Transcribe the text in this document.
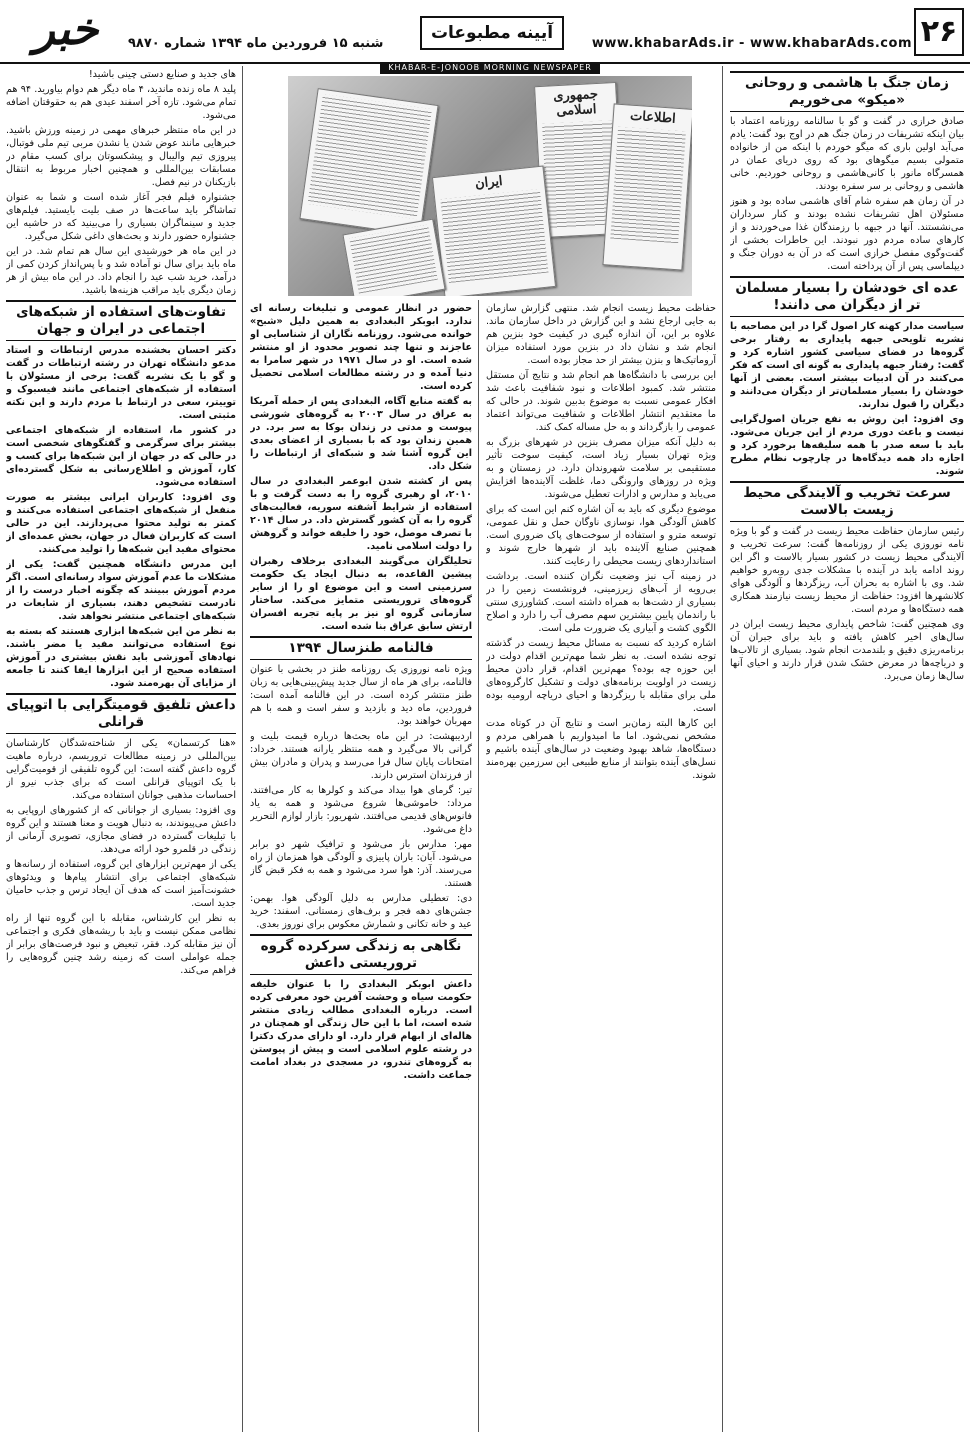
۲۶
www.khabarAds.ir - www.khabarAds.com
آیینه مطبوعات
خبر	شنبه ۱۵ فروردین ماه ۱۳۹۴ شماره ۹۸۷۰
KHABAR-E-JONOOB MORNING NEWSPAPER
جمهوری اسلامی	اطلاعات
ایران
زمان جنگ با هاشمی و روحانی «میکو» می‌خوریم

صادق خرازی در گفت و گو با سالنامه روزنامه اعتماد با بیان اینکه تشریفات در زمان جنگ هم در اوج بود گفت: یادم می‌آید اولین باری که میگو خوردم با اینکه من از خانواده متمولی بسیم میگوهای بود که روی دریای عمان در همسرگاه مانور با کانی‌هاشمی و روحانی خوردیم. خانی هاشمی و روحانی بر سر سفره بودند.

در آن زمان هم سفره شام آقای هاشمی ساده بود و هنوز مسئولان اهل تشریفات نشده بودند و کنار سرداران می‌نشستند. آنها در جبهه با رزمندگان غذا می‌خوردند و از کارهای ساده مردم دور نبودند. این خاطرات بخشی از گفت‌وگوی مفصل خرازی است که در آن به دوران جنگ و دیپلماسی پس از آن پرداخته است.

عده ای خودشان را بسیار مسلمان تر از دیگران می دانند!

سیاست مدار کهنه کار اصول گرا در این مصاحبه با نشریه تلویحی جبهه پایداری به رفتار برخی گروه‌ها در فضای سیاسی کشور اشاره کرد و گفت: رفتار جبهه پایداری به گونه ای است که فکر می‌کنند در آن ادبیات بیشتر است. بعضی از آنها خودشان را بسیار مسلمان‌تر از دیگران می‌دانند و دیگران را قبول ندارند.

وی افزود: این روش به نفع جریان اصول‌گرایی نیست و باعث دوری مردم از این جریان می‌شود. باید با سعه صدر با همه سلیقه‌ها برخورد کرد و اجازه داد همه دیدگاه‌ها در چارچوب نظام مطرح شوند.

سرعت تخریب و آلایندگی محیط زیست بالاست

رئیس سازمان حفاظت محیط زیست در گفت و گو با ویژه نامه نوروزی یکی از روزنامه‌ها گفت: سرعت تخریب و آلایندگی محیط زیست در کشور بسیار بالاست و اگر این روند ادامه یابد در آینده با مشکلات جدی روبه‌رو خواهیم شد. وی با اشاره به بحران آب، ریزگردها و آلودگی هوای کلانشهرها افزود: حفاظت از محیط زیست نیازمند همکاری همه دستگاه‌ها و مردم است.

وی همچنین گفت: شاخص پایداری محیط زیست ایران در سال‌های اخیر کاهش یافته و باید برای جبران آن برنامه‌ریزی دقیق و بلندمدت انجام شود. بسیاری از تالاب‌ها و دریاچه‌ها در معرض خشک شدن قرار دارند و احیای آنها سال‌ها زمان می‌برد.

حفاظت محیط زیست انجام شد. منتهی گزارش سازمان به جایی ارجاع نشد و این گزارش در داخل سازمان ماند. علاوه بر این، آن اندازه گیری در کیفیت خود بنزین هم انجام شد و نشان داد در بنزین مورد استفاده میزان آروماتیک‌ها و بنزن بیشتر از حد مجاز بوده است.

این بررسی با دانشگاه‌ها هم انجام شد و نتایج آن مستقل منتشر شد. کمبود اطلاعات و نبود شفافیت باعث شد افکار عمومی نسبت به موضوع بدبین شوند. در حالی که ما معتقدیم انتشار اطلاعات و شفافیت می‌تواند اعتماد عمومی را بازگرداند و به حل مساله کمک کند.

به دلیل آنکه میزان مصرف بنزین در شهرهای بزرگ به ویژه تهران بسیار زیاد است، کیفیت سوخت تأثیر مستقیمی بر سلامت شهروندان دارد. در زمستان و به ویژه در روزهای وارونگی دما، غلظت آلاینده‌ها افزایش می‌یابد و مدارس و ادارات تعطیل می‌شوند.

موضوع دیگری که باید به آن اشاره کنم این است که برای کاهش آلودگی هوا، نوسازی ناوگان حمل و نقل عمومی، توسعه مترو و استفاده از سوخت‌های پاک ضروری است. همچنین صنایع آلاینده باید از شهرها خارج شوند و استانداردهای زیست محیطی را رعایت کنند.

در زمینه آب نیز وضعیت نگران کننده است. برداشت بی‌رویه از آب‌های زیرزمینی، فرونشست زمین را در بسیاری از دشت‌ها به همراه داشته است. کشاورزی سنتی با راندمان پایین بیشترین سهم مصرف آب را دارد و اصلاح الگوی کشت و آبیاری یک ضرورت ملی است.

اشاره کردید که نسبت به مسائل محیط زیست در گذشته توجه نشده است. به نظر شما مهم‌ترین اقدام دولت در این حوزه چه بوده؟ مهم‌ترین اقدام، قرار دادن محیط زیست در اولویت برنامه‌های دولت و تشکیل کارگروه‌های ملی برای مقابله با ریزگردها و احیای دریاچه ارومیه بوده است.

این کارها البته زمان‌بر است و نتایج آن در کوتاه مدت مشخص نمی‌شود. اما ما امیدواریم با همراهی مردم و دستگاه‌ها، شاهد بهبود وضعیت در سال‌های آینده باشیم و نسل‌های آینده بتوانند از منابع طبیعی این سرزمین بهره‌مند شوند.

حضور در انظار عمومی و تبلیغات رسانه ای ندارد. ابوبکر البغدادی به همین دلیل «شبح» خوانده می‌شود. روزنامه نگاران از شناسایی او عاجزند و تنها چند تصویر محدود از او منتشر شده است. او در سال ۱۹۷۱ در شهر سامرا به دنیا آمده و در رشته مطالعات اسلامی تحصیل کرده است.

به گفته منابع آگاه، البغدادی پس از حمله آمریکا به عراق در سال ۲۰۰۳ به گروه‌های شورشی پیوست و مدتی در زندان بوکا به سر برد. در همین زندان بود که با بسیاری از اعضای بعدی این گروه آشنا شد و شبکه‌ای از ارتباطات را شکل داد.

پس از کشته شدن ابوعمر البغدادی در سال ۲۰۱۰، او رهبری گروه را به دست گرفت و با استفاده از شرایط آشفته سوریه، فعالیت‌های گروه را به آن کشور گسترش داد. در سال ۲۰۱۴ با تصرف موصل، خود را خلیفه خواند و گروهش را دولت اسلامی نامید.

تحلیلگران می‌گویند البغدادی برخلاف رهبران پیشین القاعده، به دنبال ایجاد یک حکومت سرزمینی است و این موضوع او را از سایر گروه‌های تروریستی متمایز می‌کند. ساختار سازمانی گروه او نیز بر پایه تجربه افسران ارتش سابق عراق بنا شده است.

فالنامه طنزسال ۱۳۹۴

ویژه نامه نوروزی یک روزنامه طنز در بخشی با عنوان فالنامه، برای هر ماه از سال جدید پیش‌بینی‌هایی به زبان طنز منتشر کرده است. در این فالنامه آمده است: فروردین، ماه دید و بازدید و سفر است و همه با هم مهربان خواهند بود.

اردیبهشت: در این ماه بحث‌ها درباره قیمت بلیت و گرانی بالا می‌گیرد و همه منتظر یارانه هستند. خرداد: امتحانات پایان سال فرا می‌رسد و پدران و مادران بیش از فرزندان استرس دارند.

تیر: گرمای هوا بیداد می‌کند و کولرها به کار می‌افتند. مرداد: خاموشی‌ها شروع می‌شود و همه به یاد فانوس‌های قدیمی می‌افتند. شهریور: بازار لوازم التحریر داغ می‌شود.

مهر: مدارس باز می‌شود و ترافیک شهر دو برابر می‌شود. آبان: باران پاییزی و آلودگی هوا همزمان از راه می‌رسند. آذر: هوا سرد می‌شود و همه به فکر قبض گاز هستند.

دی: تعطیلی مدارس به دلیل آلودگی هوا. بهمن: جشن‌های دهه فجر و برف‌های زمستانی. اسفند: خرید عید و خانه تکانی و شمارش معکوس برای نوروز بعدی.

نگاهی به زندگی سرکرده گروه تروریستی داعش

داعش ابوبکر البغدادی را با عنوان خلیفه حکومت سیاه و وحشت آفرین خود معرفی کرده است. درباره البغدادی مطالب زیادی منتشر شده است، اما با این حال زندگی او همچنان در هاله‌ای از ابهام قرار دارد. او دارای مدرک دکترا در رشته علوم اسلامی است و پیش از پیوستن به گروه‌های تندرو، در مسجدی در بغداد امامت جماعت داشت.

های جدید و صنایع دستی چینی باشید!

پلید ۸ ماه زنده ماندید، ۴ ماه دیگر هم دوام بیاورید. ۹۴ هم تمام می‌شود. تازه آخر اسفند عیدی هم به حقوقتان اضافه می‌شود.

در این ماه منتظر خبرهای مهمی در زمینه ورزش باشید. خبرهایی مانند عوض شدن یا نشدن مربی تیم ملی فوتبال، پیروزی تیم والیبال و پیشکسوتان برای کسب مقام در مسابقات بین‌المللی و همچنین اخبار مربوط به انتقال بازیکنان در نیم فصل.

جشنواره فیلم فجر آغاز شده است و شما به عنوان تماشاگر باید ساعت‌ها در صف بلیت بایستید. فیلم‌های جدید و سینماگران بسیاری را می‌بینید که در حاشیه این جشنواره حضور دارند و بحث‌های داغی شکل می‌گیرد.

در این ماه هر خورشیدی این سال هم تمام شد. در این ماه باید برای سال نو آماده شد و با پس‌انداز کردن کمی از درآمد، خرید شب عید را انجام داد. در این ماه بیش از هر زمان دیگری باید مراقب هزینه‌ها باشید.

تفاوت‌های استفاده از شبکه‌های اجتماعی در ایران و جهان

دکتر احسان بخشنده مدرس ارتباطات و استاد مدعو دانشگاه تهران در رشته ارتباطات در گفت و گو با یک نشریه گفت: برخی از مسئولان با استفاده از شبکه‌های اجتماعی مانند فیسبوک و توییتر، سعی در ارتباط با مردم دارند و این نکته مثبتی است.

در کشور ما، استفاده از شبکه‌های اجتماعی بیشتر برای سرگرمی و گفتگوهای شخصی است در حالی که در جهان از این شبکه‌ها برای کسب و کار، آموزش و اطلاع‌رسانی به شکل گسترده‌ای استفاده می‌شود.

وی افزود: کاربران ایرانی بیشتر به صورت منفعل از شبکه‌های اجتماعی استفاده می‌کنند و کمتر به تولید محتوا می‌پردازند. این در حالی است که کاربران فعال در جهان، بخش عمده‌ای از محتوای مفید این شبکه‌ها را تولید می‌کنند.

این مدرس دانشگاه همچنین گفت: یکی از مشکلات ما عدم آموزش سواد رسانه‌ای است. اگر مردم آموزش ببینند که چگونه اخبار درست را از نادرست تشخیص دهند، بسیاری از شایعات در شبکه‌های اجتماعی منتشر نخواهد شد.

به نظر من این شبکه‌ها ابزاری هستند که بسته به نوع استفاده می‌توانند مفید یا مضر باشند. نهادهای آموزشی باید نقش بیشتری در آموزش استفاده صحیح از این ابزارها ایفا کنند تا جامعه از مزایای آن بهره‌مند شود.

داعش تلفیق قومیتگرایی با اتوپیای قرانلی

«هنا کرتسمان» یکی از شناخته‌شدگان کارشناسان بین‌المللی در زمینه مطالعات تروریسم، درباره ماهیت گروه داعش گفته است: این گروه تلفیقی از قومیت‌گرایی با یک اتوپیای قرانلی است که برای جذب نیرو از احساسات مذهبی جوانان استفاده می‌کند.

وی افزود: بسیاری از جوانانی که از کشورهای اروپایی به داعش می‌پیوندند، به دنبال هویت و معنا هستند و این گروه با تبلیغات گسترده در فضای مجازی، تصویری آرمانی از زندگی در قلمرو خود ارائه می‌دهد.

یکی از مهم‌ترین ابزارهای این گروه، استفاده از رسانه‌ها و شبکه‌های اجتماعی برای انتشار پیام‌ها و ویدئوهای خشونت‌آمیز است که هدف آن ایجاد ترس و جذب حامیان جدید است.

به نظر این کارشناس، مقابله با این گروه تنها از راه نظامی ممکن نیست و باید با ریشه‌های فکری و اجتماعی آن نیز مقابله کرد. فقر، تبعیض و نبود فرصت‌های برابر از جمله عواملی است که زمینه رشد چنین گروه‌هایی را فراهم می‌کند.
